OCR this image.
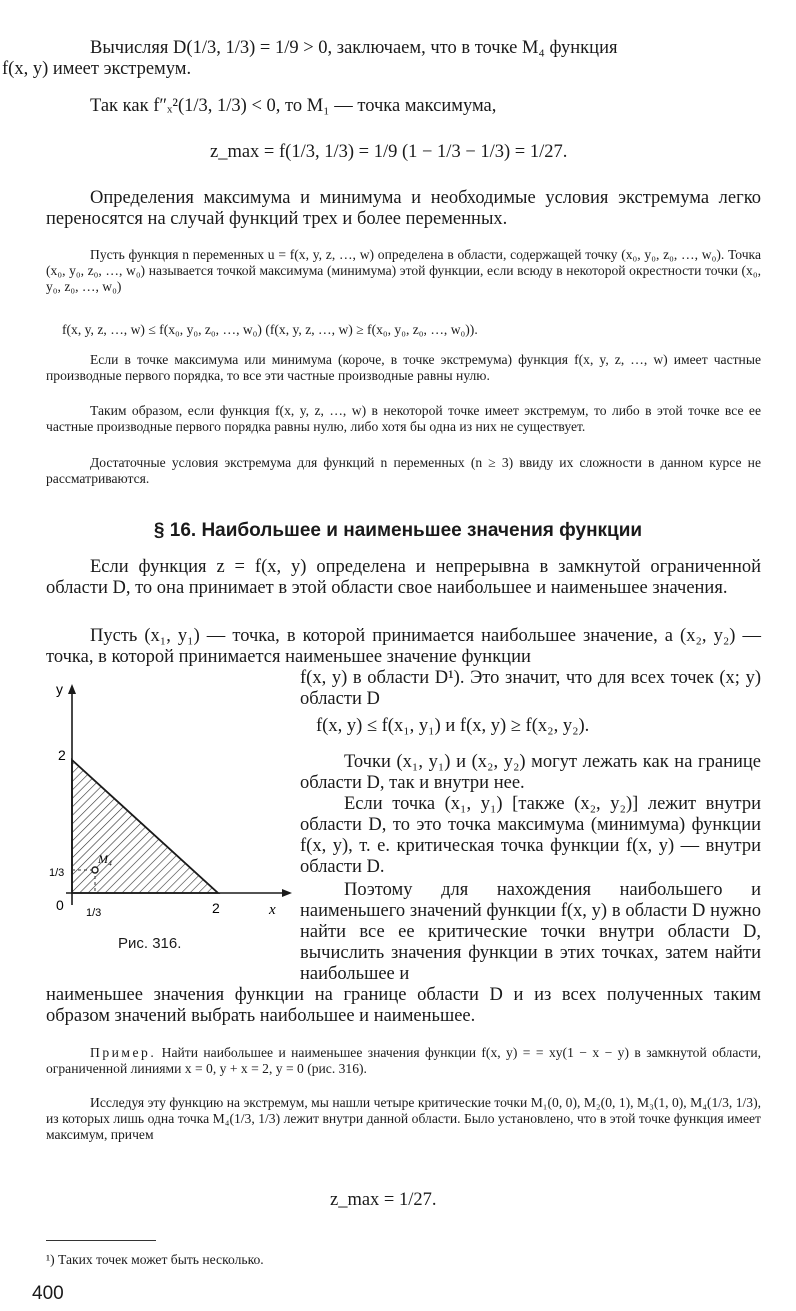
Вычисляя D(1/3, 1/3) = 1/9 > 0, заключаем, что в точке M₄ функция
f(x, y) имеет экстремум.

Так как f″ₓ²(1/3, 1/3) < 0, то M₁ — точка максимума,

z_max = f(1/3, 1/3) = 1/9 (1 − 1/3 − 1/3) = 1/27.

Определения максимума и минимума и необходимые условия экстремума легко переносятся на случай функций трех и более переменных.

Пусть функция n переменных u = f(x, y, z, …, w) определена в области, содержащей точку (x₀, y₀, z₀, …, w₀). Точка (x₀, y₀, z₀, …, w₀) называется точкой максимума (минимума) этой функции, если всюду в некоторой окрестности точки (x₀, y₀, z₀, …, w₀)

f(x, y, z, …, w) ≤ f(x₀, y₀, z₀, …, w₀) (f(x, y, z, …, w) ≥ f(x₀, y₀, z₀, …, w₀)).

Если в точке максимума или минимума (короче, в точке экстремума) функция f(x, y, z, …, w) имеет частные производные первого порядка, то все эти частные производные равны нулю.

Таким образом, если функция f(x, y, z, …, w) в некоторой точке имеет экстремум, то либо в этой точке все ее частные производные первого порядка равны нулю, либо хотя бы одна из них не существует.

Достаточные условия экстремума для функций n переменных (n ≥ 3) ввиду их сложности в данном курсе не рассматриваются.

§ 16. Наибольшее и наименьшее значения функции

Если функция z = f(x, y) определена и непрерывна в замкнутой ограниченной области D, то она принимает в этой области свое наибольшее и наименьшее значения.

Пусть (x₁, y₁) — точка, в которой принимается наибольшее значение, а (x₂, y₂) — точка, в которой принимается наименьшее значение функции

f(x, y) в области D¹). Это значит, что для всех точек (x; y) области D

f(x, y) ≤ f(x₁, y₁) и f(x, y) ≥ f(x₂, y₂).

Точки (x₁, y₁) и (x₂, y₂) могут лежать как на границе области D, так и внутри нее.

Если точка (x₁, y₁) [также (x₂, y₂)] лежит внутри области D, то это точка максимума (минимума) функции f(x, y), т. е. критическая точка функции f(x, y) — внутри области D.

Поэтому для нахождения наибольшего и наименьшего значений функции f(x, y) в области D нужно найти все ее критические точки внутри области D, вычислить значения функции в этих точках, затем найти наибольшее и

наименьшее значения функции на границе области D и из всех полученных таким образом значений выбрать наибольшее и наименьшее.

Пример. Найти наибольшее и наименьшее значения функции f(x, y) = = xy(1 − x − y) в замкнутой области, ограниченной линиями x = 0, y + x = 2, y = 0 (рис. 316).

Исследуя эту функцию на экстремум, мы нашли четыре критические точки M₁(0, 0), M₂(0, 1), M₃(1, 0), M₄(1/3, 1/3), из которых лишь одна точка M₄(1/3, 1/3) лежит внутри данной области. Было установлено, что в этой точке функция имеет максимум, причем

z_max = 1/27.
y
x
2
2
0
1/3
1/3
M₄
Рис. 316.

¹) Таких точек может быть несколько.

400
